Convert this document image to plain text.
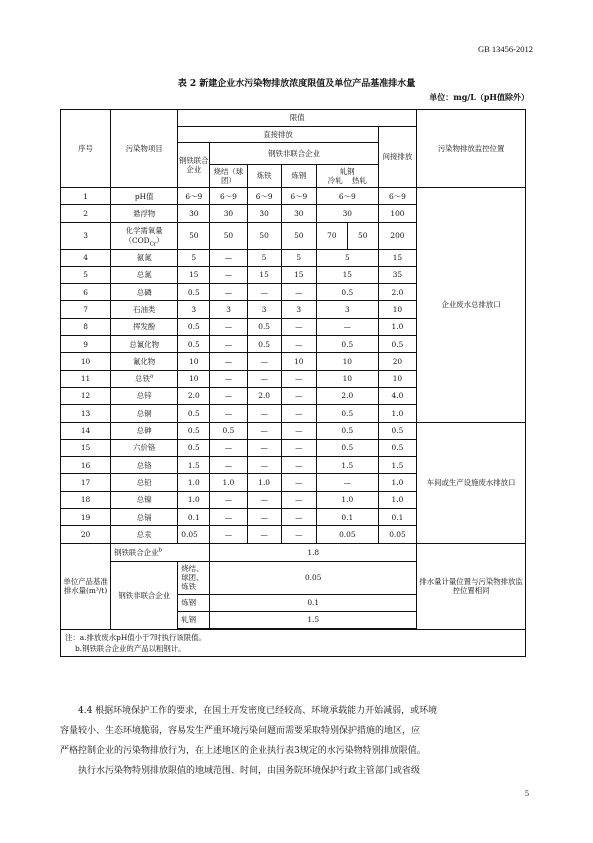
GB 13456-2012
表 2 新建企业水污染物排放浓度限值及单位产品基准排水量
单位：mg/L（pH值除外）
序号	污染物项目	限值							污染物排放监控位置
		直接排放						间接排放	
		钢铁联合企业	钢铁非联合企业						
			烧结（球团）	炼铁	炼钢	轧钢
冷轧 热轧			
1	pH值	6～9	6～9	6～9	6～9	6～9		6～9	企业废水总排放口
2	悬浮物	30	30	30	30	30		100	
3	化学需氧量
$(COD_{Cr})$	50	50	50	50	70	50	200	
4	氨氮	5	—	5	5	5		15	
5	总氮	15	—	15	15	15		35	
6	总磷	0.5	—	—	—	0.5		2.0	
7	石油类	3	3	3	3	3		10	
8	挥发酚	0.5	—	0.5	—	—		1.0	
9	总氰化物	0.5	—	0.5	—	0.5		0.5	
10	氟化物	10	—	—	10	10		20	
11	总铁$^a$	10	—	—	—	10		10	
12	总锌	2.0	—	2.0	—	2.0		4.0	
13	总铜	0.5	—	—	—	0.5		1.0	
14	总砷	0.5	0.5	—	—	0.5		0.5	车间或生产设施废水排放口
15	六价铬	0.5	—	—	—	0.5		0.5	
16	总铬	1.5	—	—	—	1.5		1.5	
17	总铅	1.0	1.0	1.0	—	—		1.0	
18	总镍	1.0	—	—	—	1.0		1.0	
19	总镉	0.1	—	—	—	0.1		0.1	
20	总汞	0.05	—	—	—	0.05		0.05	
单位产品基准排水量(m³/t)	钢铁联合企业$^b$		1.8						排水量计量位置与污染物排放监控位置相同
	钢铁非联合企业	烧结、球团、炼铁	0.05						
		炼钢	0.1						
		轧钢	1.5						

注：a.排放废水pH值小于7时执行该限值。
b.钢铁联合企业的产品以粗钢计。									
4.4 根据环境保护工作的要求，在国土开发密度已经较高、环境承载能力开始减弱，或环境
容量较小、生态环境脆弱，容易发生严重环境污染问题而需要采取特别保护措施的地区，应
严格控制企业的污染物排放行为，在上述地区的企业执行表3规定的水污染物特别排放限值。
执行水污染物特别排放限值的地域范围、时间，由国务院环境保护行政主管部门或省级
5
